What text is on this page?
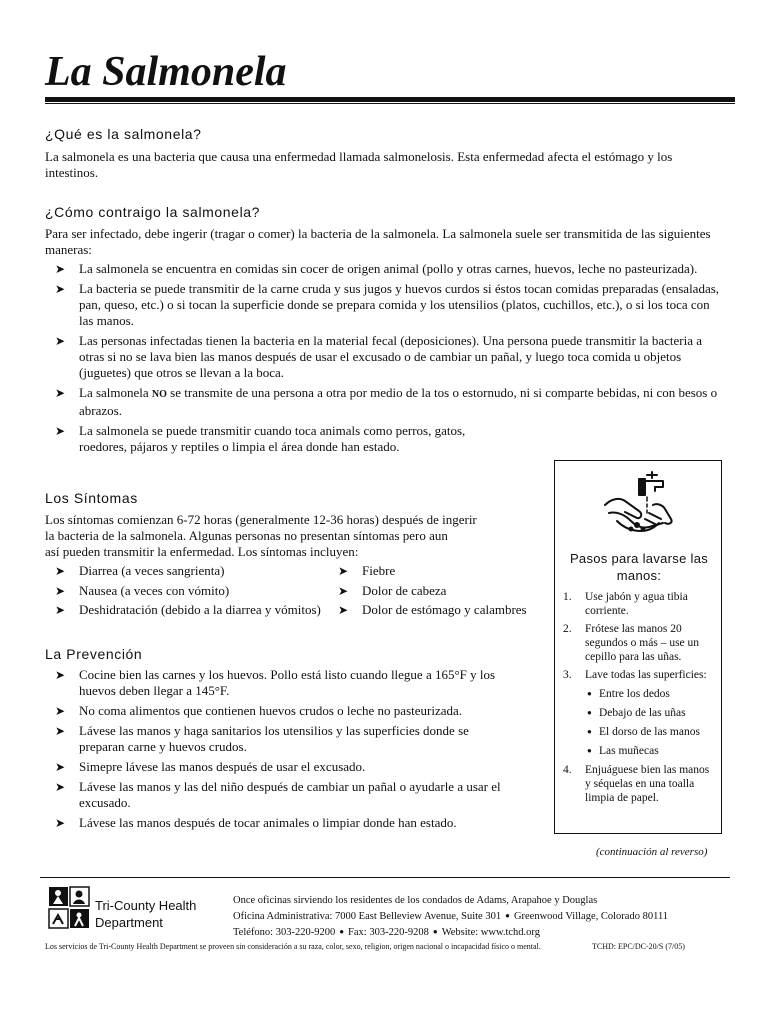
La Salmonela
¿Qué es la salmonela?

La salmonela es una bacteria que causa una enfermedad llamada salmonelosis. Esta enfermedad afecta el estómago y los intestinos.

¿Cómo contraigo la salmonela?

Para ser infectado, debe ingerir (tragar o comer) la bacteria de la salmonela. La salmonela suele ser transmitida de las siguientes maneras:

➤ La salmonela se encuentra en comidas sin cocer de origen animal (pollo y otras carnes, huevos, leche no pasteurizada).
➤ La bacteria se puede transmitir de la carne cruda y sus jugos y huevos curdos si éstos tocan comidas preparadas (ensaladas, pan, queso, etc.) o si tocan la superficie donde se prepara comida y los utensilios (platos, cuchillos, etc.), o si los toca con las manos.
➤ Las personas infectadas tienen la bacteria en la material fecal (deposiciones). Una persona puede transmitir la bacteria a otras si no se lava bien las manos después de usar el excusado o de cambiar un pañal, y luego toca comida u objetos (juguetes) que otros se llevan a la boca.
➤ La salmonela NO se transmite de una persona a otra por medio de la tos o estornudo, ni si comparte bebidas, ni con besos o abrazos.
➤ La salmonela se puede transmitir cuando toca animals como perros, gatos,
roedores, pájaros y reptiles o limpia el área donde han estado.
Los Síntomas

Los síntomas comienzan 6-72 horas (generalmente 12-36 horas) después de ingerir
la bacteria de la salmonela. Algunas personas no presentan síntomas pero aun
así pueden transmitir la enfermedad. Los síntomas incluyen:

➤ Diarrea (a veces sangrienta)
➤ Nausea (a veces con vómito)
➤ Deshidratación (debido a la diarrea y vómitos)
➤ Fiebre
➤ Dolor de cabeza
➤ Dolor de estómago y calambres
La Prevención
➤ Cocine bien las carnes y los huevos. Pollo está listo cuando llegue a 165°F y los huevos deben llegar a 145°F.
➤ No coma alimentos que contienen huevos crudos o leche no pasteurizada.
➤ Lávese las manos y haga sanitarios los utensilios y las superficies donde se preparan carne y huevos crudos.
➤ Simepre lávese las manos después de usar el excusado.
➤ Lávese las manos y las del niño después de cambiar un pañal o ayudarle a usar el excusado.
➤ Lávese las manos después de tocar animales o limpiar donde han estado.
Pasos para lavarse las manos:
1. Use jabón y agua tibia corriente.
2. Frótese las manos 20 segundos o más – use un cepillo para las uñas.
3. Lave todas las superficies:
● Entre los dedos
● Debajo de las uñas
● El dorso de las manos
● Las muñecas
4. Enjuáguese bien las manos y séquelas en una toalla limpia de papel.
(continuación al reverso)
Tri-County Health
Department
Once oficinas sirviendo los residentes de los condados de Adams, Arapahoe y Douglas
Oficina Administrativa: 7000 East Belleview Avenue, Suite 301 ● Greenwood Village, Colorado 80111
Teléfono: 303-220-9200 ● Fax: 303-220-9208 ● Website: www.tchd.org
Los servicios de Tri-County Health Department se proveen sin consideración a su raza, color, sexo, religion, origen nacional o incapacidad físico o mental.	TCHD: EPC/DC-20/S (7/05)
